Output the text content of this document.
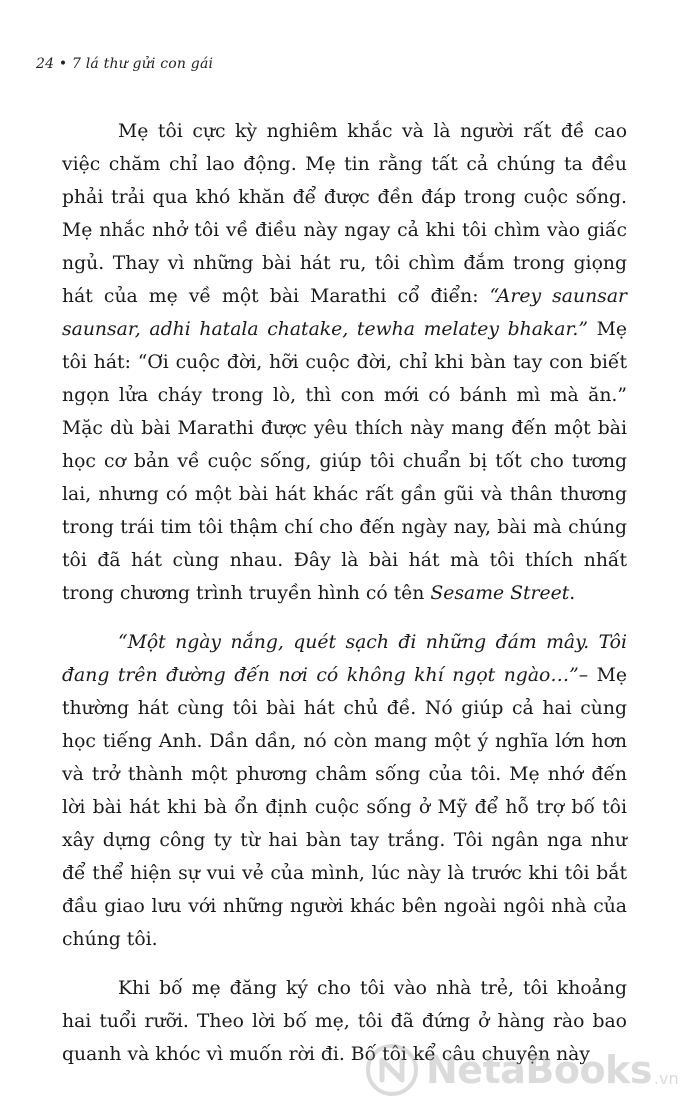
24 • 7 lá thư gửi con gái

Mẹ tôi cực kỳ nghiêm khắc và là người rất đề cao việc chăm chỉ lao động. Mẹ tin rằng tất cả chúng ta đều phải trải qua khó khăn để được đền đáp trong cuộc sống. Mẹ nhắc nhở tôi về điều này ngay cả khi tôi chìm vào giấc ngủ. Thay vì những bài hát ru, tôi chìm đắm trong giọng hát của mẹ về một bài Marathi cổ điển: “Arey saunsar saunsar, adhi hatala chatake, tewha melatey bhakar.” Mẹ tôi hát: “Ơi cuộc đời, hỡi cuộc đời, chỉ khi bàn tay con biết ngọn lửa cháy trong lò, thì con mới có bánh mì mà ăn.” Mặc dù bài Marathi được yêu thích này mang đến một bài học cơ bản về cuộc sống, giúp tôi chuẩn bị tốt cho tương lai, nhưng có một bài hát khác rất gần gũi và thân thương trong trái tim tôi thậm chí cho đến ngày nay, bài mà chúng tôi đã hát cùng nhau. Đây là bài hát mà tôi thích nhất trong chương trình truyền hình có tên Sesame Street.

“Một ngày nắng, quét sạch đi những đám mây. Tôi đang trên đường đến nơi có không khí ngọt ngào…”– Mẹ thường hát cùng tôi bài hát chủ đề. Nó giúp cả hai cùng học tiếng Anh. Dần dần, nó còn mang một ý nghĩa lớn hơn và trở thành một phương châm sống của tôi. Mẹ nhớ đến lời bài hát khi bà ổn định cuộc sống ở Mỹ để hỗ trợ bố tôi xây dựng công ty từ hai bàn tay trắng. Tôi ngân nga như để thể hiện sự vui vẻ của mình, lúc này là trước khi tôi bắt đầu giao lưu với những người khác bên ngoài ngôi nhà của chúng tôi.

Khi bố mẹ đăng ký cho tôi vào nhà trẻ, tôi khoảng hai tuổi rưỡi. Theo lời bố mẹ, tôi đã đứng ở hàng rào bao quanh và khóc vì muốn rời đi. Bố tôi kể câu chuyện này

NetaBooks .vn
